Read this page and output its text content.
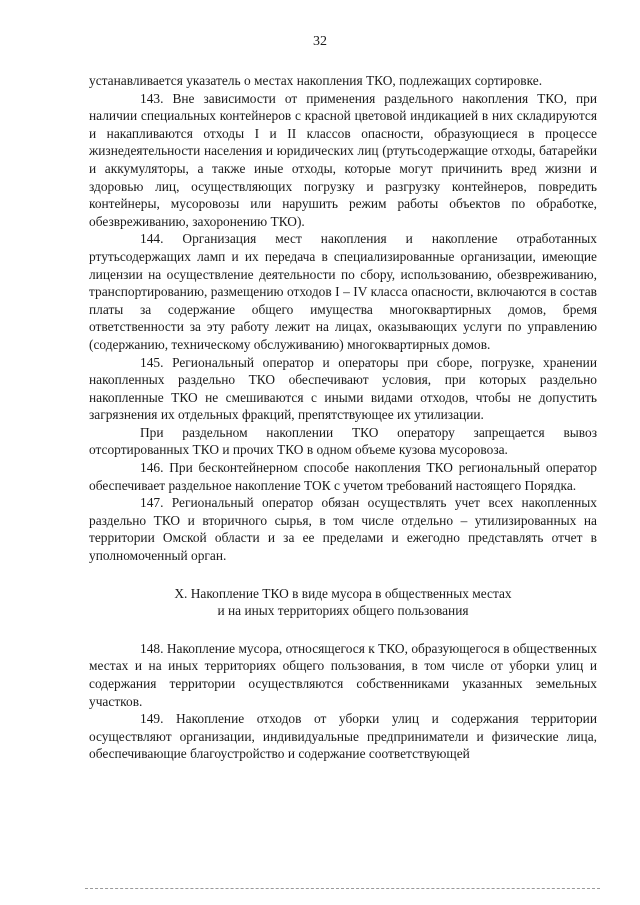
32

устанавливается указатель о местах накопления ТКО, подлежащих сортировке.

143. Вне зависимости от применения раздельного накопления ТКО, при наличии специальных контейнеров с красной цветовой индикацией в них складируются и накапливаются отходы I и II классов опасности, образующиеся в процессе жизнедеятельности населения и юридических лиц (ртутьсодержащие отходы, батарейки и аккумуляторы, а также иные отходы, которые могут причинить вред жизни и здоровью лиц, осуществляющих погрузку и разгрузку контейнеров, повредить контейнеры, мусоровозы или нарушить режим работы объектов по обработке, обезвреживанию, захоронению ТКО).

144. Организация мест накопления и накопление отработанных ртутьсодержащих ламп и их передача в специализированные организации, имеющие лицензии на осуществление деятельности по сбору, использованию, обезвреживанию, транспортированию, размещению отходов I – IV класса опасности, включаются в состав платы за содержание общего имущества многоквартирных домов, бремя ответственности за эту работу лежит на лицах, оказывающих услуги по управлению (содержанию, техническому обслуживанию) многоквартирных домов.

145. Региональный оператор и операторы при сборе, погрузке, хранении накопленных раздельно ТКО обеспечивают условия, при которых раздельно накопленные ТКО не смешиваются с иными видами отходов, чтобы не допустить загрязнения их отдельных фракций, препятствующее их утилизации.

При раздельном накоплении ТКО оператору запрещается вывоз отсортированных ТКО и прочих ТКО в одном объеме кузова мусоровоза.

146. При бесконтейнерном способе накопления ТКО региональный оператор обеспечивает раздельное накопление ТОК с учетом требований настоящего Порядка.

147. Региональный оператор обязан осуществлять учет всех накопленных раздельно ТКО и вторичного сырья, в том числе отдельно – утилизированных на территории Омской области и за ее пределами и ежегодно представлять отчет в уполномоченный орган.

X. Накопление ТКО в виде мусора в общественных местах
и на иных территориях общего пользования

148. Накопление мусора, относящегося к ТКО, образующегося в общественных местах и на иных территориях общего пользования, в том числе от уборки улиц и содержания территории осуществляются собственниками указанных земельных участков.

149. Накопление отходов от уборки улиц и содержания территории осуществляют организации, индивидуальные предприниматели и физические лица, обеспечивающие благоустройство и содержание соответствующей
